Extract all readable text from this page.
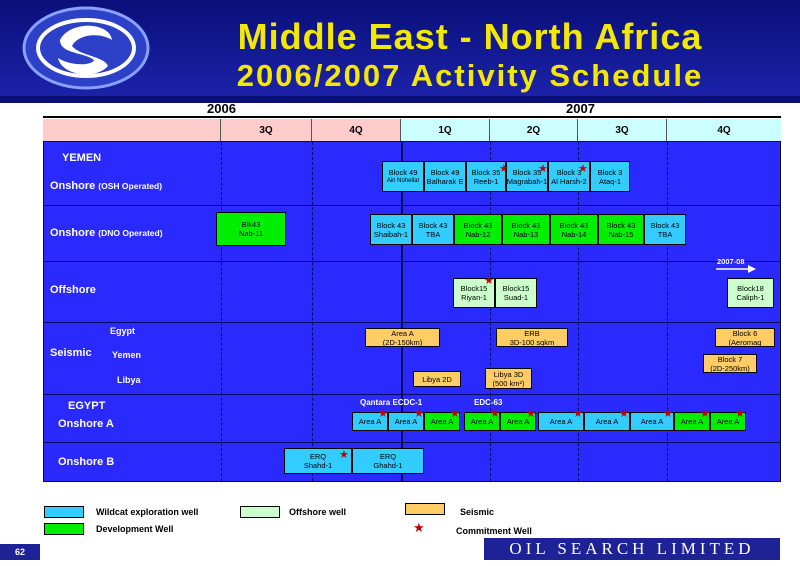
Middle East - North Africa
2006/2007 Activity Schedule
2006	2007
3Q	4Q	1Q	2Q	3Q	4Q
YEMEN
Onshore (OSH Operated)
Onshore (DNO Operated)
Offshore
Seismic
Egypt
Yemen
Libya
EGYPT
Onshore A
Onshore B
Qantara ECDC-1	EDC-63
2007-08
Block 49
Ain Nohellat
Block 49
Balharak E
Block 35
Reeb-1
Block 35
Magrabah-1
Block 3
Al Harsh-2
Block 3
Ataq-1
Blk43
Nab-11
Block 43
Shaibah-1
Block 43
TBA
Block 43
Nab-12
Block 43
Nab-13
Block 43
Nab-14
Block 43
Nab-15
Block 43
TBA
Block15
Riyan-1
Block15
Suad-1
Block18
Caliph-1
Area A
(2D-150km)
ERB
3D-100 sqkm
Block 6
(Aeromag
Block 7
(2D-250km)
Libya 2D
Libya 3D
(500 km²)
Area A Area A Area A Area A Area A	Area A	Area A	Area A Area A Area A
ERQ
Shahd-1
ERQ
Ghahd-1
★	★	★
★
★ ★ ★	★ ★	★	★	★ ★ ★
★
Wildcat exploration well
Development Well
Offshore well	Seismic
★	Commitment Well
62	OIL SEARCH LIMITED
